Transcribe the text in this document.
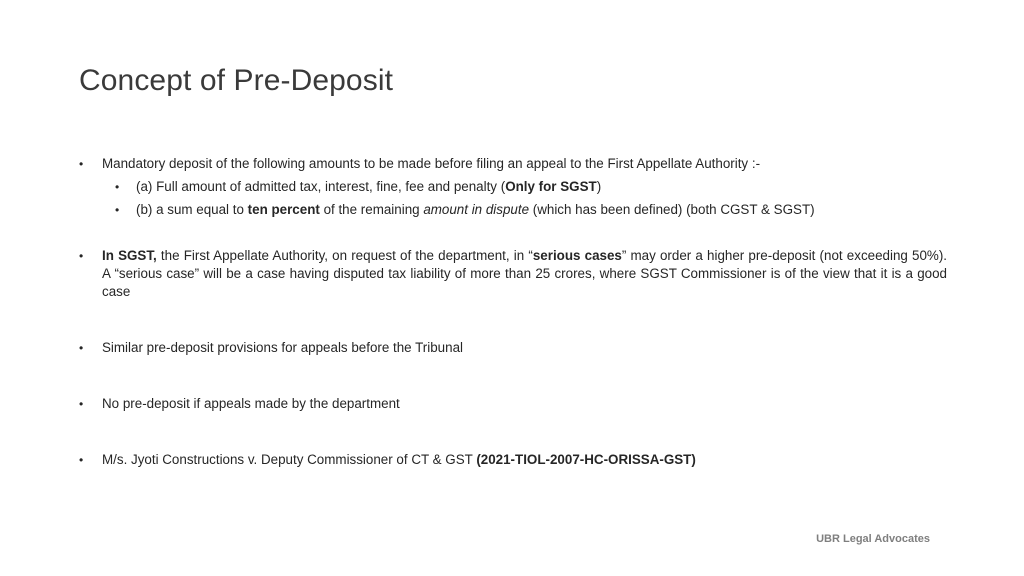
Concept of Pre-Deposit
• Mandatory deposit of the following amounts to be made before filing an appeal to the First Appellate Authority :-
• (a) Full amount of admitted tax, interest, fine, fee and penalty (Only for SGST)
• (b) a sum equal to ten percent of the remaining amount in dispute (which has been defined) (both CGST & SGST)
• In SGST, the First Appellate Authority, on request of the department, in “serious cases” may order a higher pre-deposit (not exceeding 50%). A “serious case” will be a case having disputed tax liability of more than 25 crores, where SGST Commissioner is of the view that it is a good case
• Similar pre-deposit provisions for appeals before the Tribunal
• No pre-deposit if appeals made by the department
• M/s. Jyoti Constructions v. Deputy Commissioner of CT & GST (2021-TIOL-2007-HC-ORISSA-GST)
UBR Legal Advocates
